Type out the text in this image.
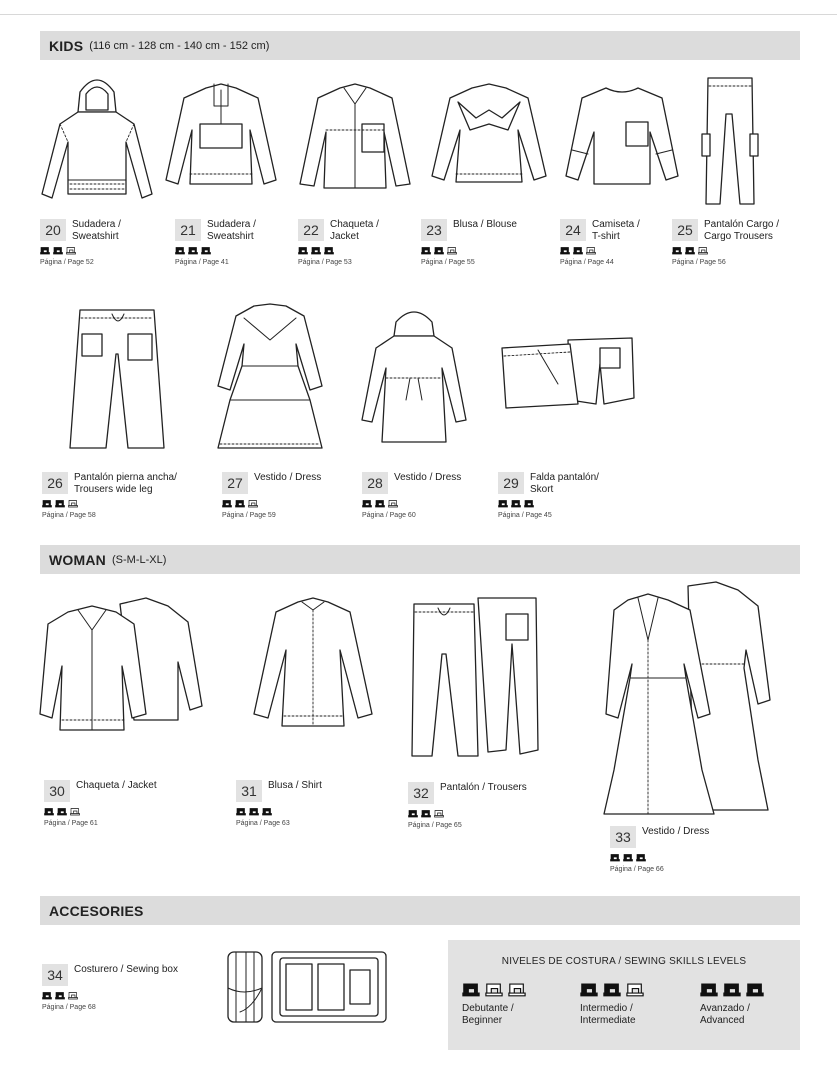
KIDS (116 cm - 128 cm - 140 cm - 152 cm)
WOMAN (S-M-L-XL)
ACCESORIES
20	Sudadera /
Sweatshirt
Página / Page 52
21	Sudadera /
Sweatshirt
Página / Page 41
22	Chaqueta /
Jacket
Página / Page 53
23	Blusa / Blouse

Página / Page 55
24	Camiseta /
T-shirt
Página / Page 44
25	Pantalón Cargo /
Cargo Trousers
Página / Page 56
26	Pantalón pierna ancha/
Trousers wide leg
Página / Page 58
27	Vestido / Dress

Página / Page 59
28	Vestido / Dress

Página / Page 60
29	Falda pantalón/
Skort
Página / Page 45
30	Chaqueta / Jacket
Página / Page 61
31	Blusa / Shirt
Página / Page 63
32	Pantalón / Trousers
Página / Page 65
33	Vestido / Dress
Página / Page 66
34	Costurero / Sewing box
Página / Page 68
NIVELES DE COSTURA / SEWING SKILLS LEVELS
Debutante /
Beginner
Intermedio /
Intermediate
Avanzado /
Advanced
